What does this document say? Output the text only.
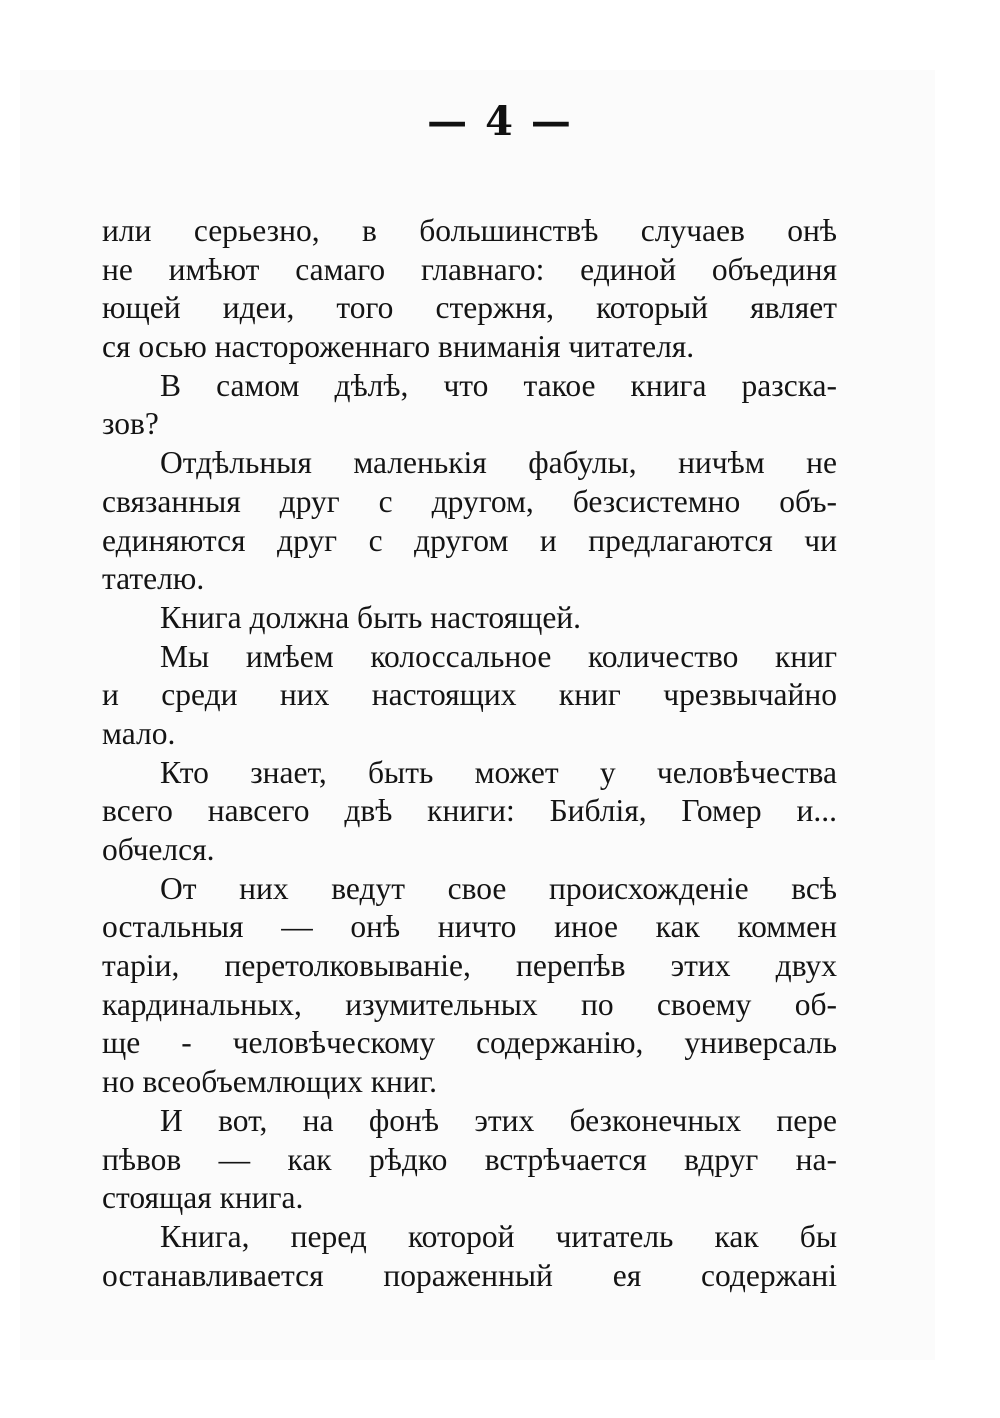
— 4 —
или серьезно, в большинствѣ случаев онѣ
не имѣют самаго главнаго: единой объединя
ющей идеи, того стержня, который являет
ся осью настороженнаго вниманія читателя.
В самом дѣлѣ, что такое книга разска-
зов?
Отдѣльныя маленькія фабулы, ничѣм не
связанныя друг с другом, безсистемно объ-
единяются друг с другом и предлагаются чи
тателю.
Книга должна быть настоящей.
Мы имѣем колоссальное количество книг
и среди них настоящих книг чрезвычайно
мало.
Кто знает, быть может у человѣчества
всего навсего двѣ книги: Библія, Гомер и...
обчелся.
От них ведут свое происхожденіе всѣ
остальныя — онѣ ничто иное как коммен
таріи, перетолковываніе, перепѣв этих двух
кардинальных, изумительных по своему об-
ще - человѣческому содержанію, универсаль
но всеобъемлющих книг.
И вот, на фонѣ этих безконечных пере
пѣвов — как рѣдко встрѣчается вдруг на-
стоящая книга.
Книга, перед которой читатель как бы
останавливается пораженный ея содержані
